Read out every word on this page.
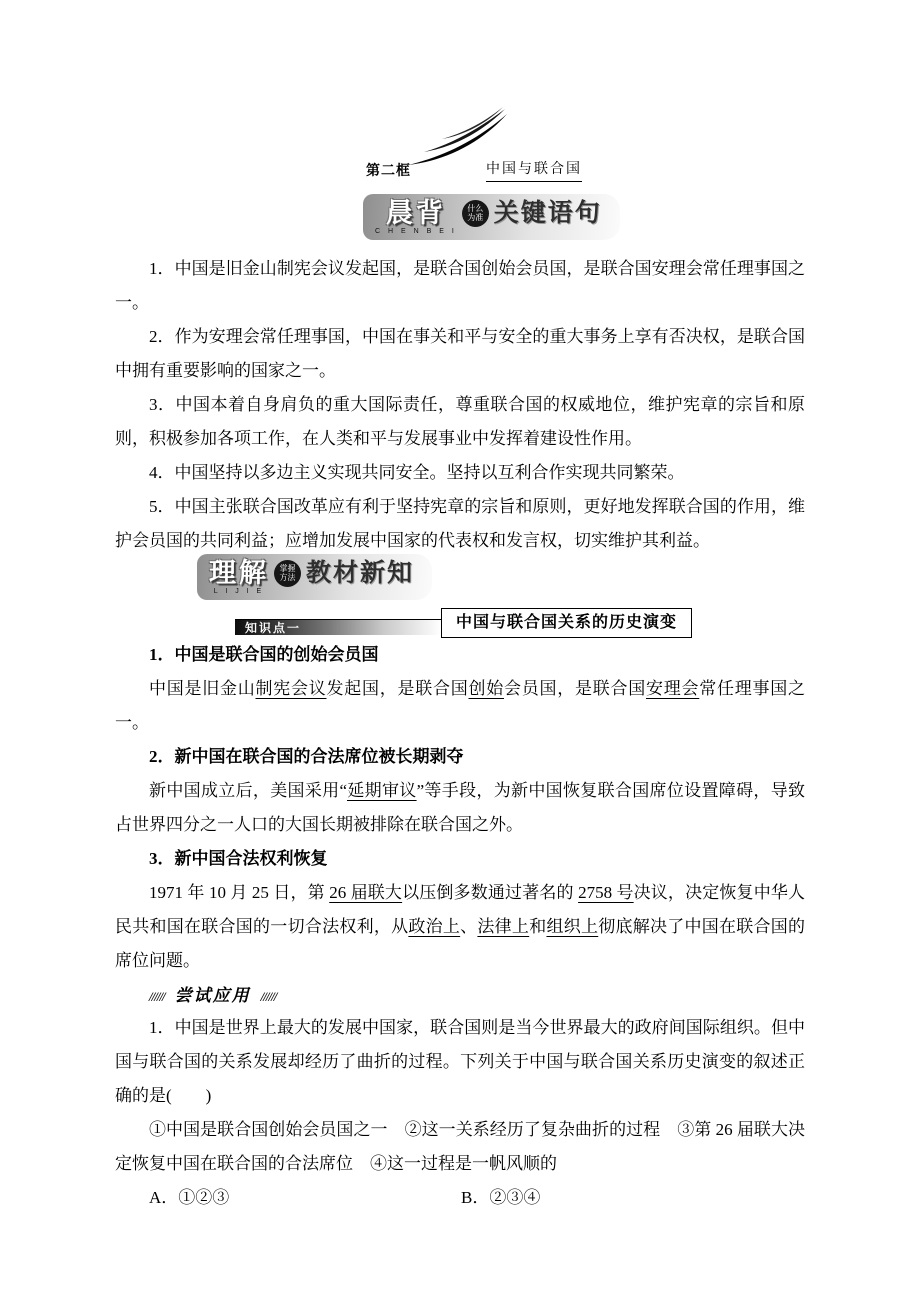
第二框	中国与联合国
晨背
C H E N B E I
什么
为准 关键语句

1．中国是旧金山制宪会议发起国，是联合国创始会员国，是联合国安理会常任理事国之一。

2．作为安理会常任理事国，中国在事关和平与安全的重大事务上享有否决权，是联合国中拥有重要影响的国家之一。

3．中国本着自身肩负的重大国际责任，尊重联合国的权威地位，维护宪章的宗旨和原则，积极参加各项工作，在人类和平与发展事业中发挥着建设性作用。

4．中国坚持以多边主义实现共同安全。坚持以互利合作实现共同繁荣。

5．中国主张联合国改革应有利于坚持宪章的宗旨和原则，更好地发挥联合国的作用，维护会员国的共同利益；应增加发展中国家的代表权和发言权，切实维护其利益。

理解
L I J I E
掌握
方法 教材新知
知识点一	中国与联合国关系的历史演变
1．中国是联合国的创始会员国

中国是旧金山制宪会议发起国，是联合国创始会员国，是联合国安理会常任理事国之一。

2．新中国在联合国的合法席位被长期剥夺

新中国成立后，美国采用“延期审议”等手段，为新中国恢复联合国席位设置障碍，导致占世界四分之一人口的大国长期被排除在联合国之外。

3．新中国合法权利恢复

1971 年 10 月 25 日，第 26 届联大以压倒多数通过著名的 2758 号决议，决定恢复中华人民共和国在联合国的一切合法权利，从政治上、法律上和组织上彻底解决了中国在联合国的席位问题。

////// 尝试应用 //////

1．中国是世界上最大的发展中国家，联合国则是当今世界最大的政府间国际组织。但中国与联合国的关系发展却经历了曲折的过程。下列关于中国与联合国关系历史演变的叙述正确的是(　　)

①中国是联合国创始会员国之一　②这一关系经历了复杂曲折的过程　③第 26 届联大决定恢复中国在联合国的合法席位　④这一过程是一帆风顺的

A．①②③	B．②③④
